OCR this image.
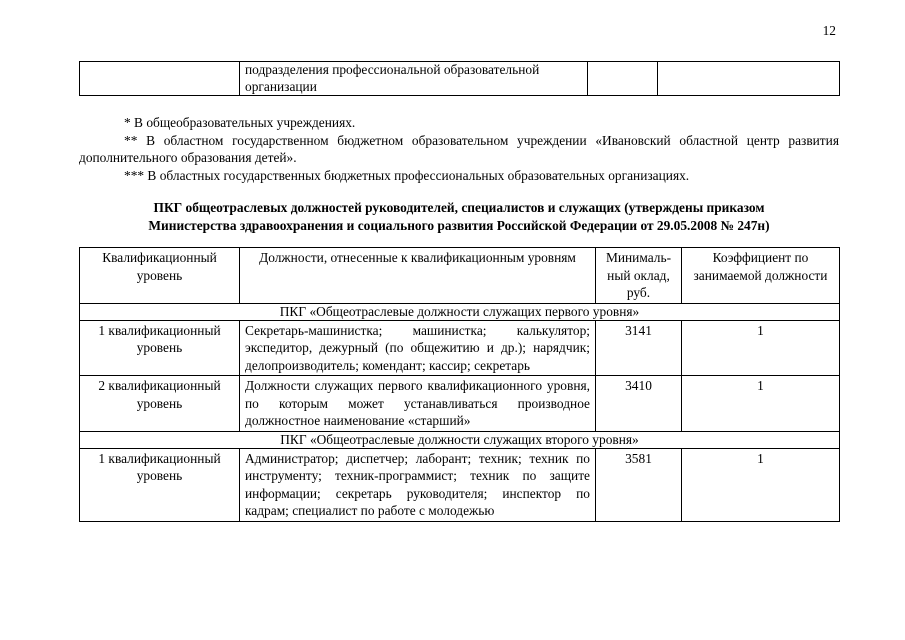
12
	подразделения профессиональной образовательной организации		

* В общеобразовательных учреждениях.

** В областном государственном бюджетном образовательном учреждении «Ивановский областной центр развития дополнительного образования детей».

*** В областных государственных бюджетных профессиональных образовательных организациях.

ПКГ общеотраслевых должностей руководителей, специалистов и служащих (утверждены приказом
Министерства здравоохранения и социального развития Российской Федерации от 29.05.2008 № 247н)
Квалификационный уровень	Должности, отнесенные к квалификационным уровням	Минималь-ный оклад, руб.	Коэффициент по занимаемой должности
ПКГ «Общеотраслевые должности служащих первого уровня»			
1 квалификационный уровень	Секретарь-машинистка; машинистка; калькулятор; экспедитор, дежурный (по общежитию и др.); нарядчик; делопроизводитель; комендант; кассир; секретарь	3141	1
2 квалификационный уровень	Должности служащих первого квалификационного уровня, по которым может устанавливаться производное должностное наименование «старший»	3410	1
ПКГ «Общеотраслевые должности служащих второго уровня»			
1 квалификационный уровень	Администратор; диспетчер; лаборант; техник; техник по инструменту; техник-программист; техник по защите информации; секретарь руководителя; инспектор по кадрам; специалист по работе с молодежью	3581	1
